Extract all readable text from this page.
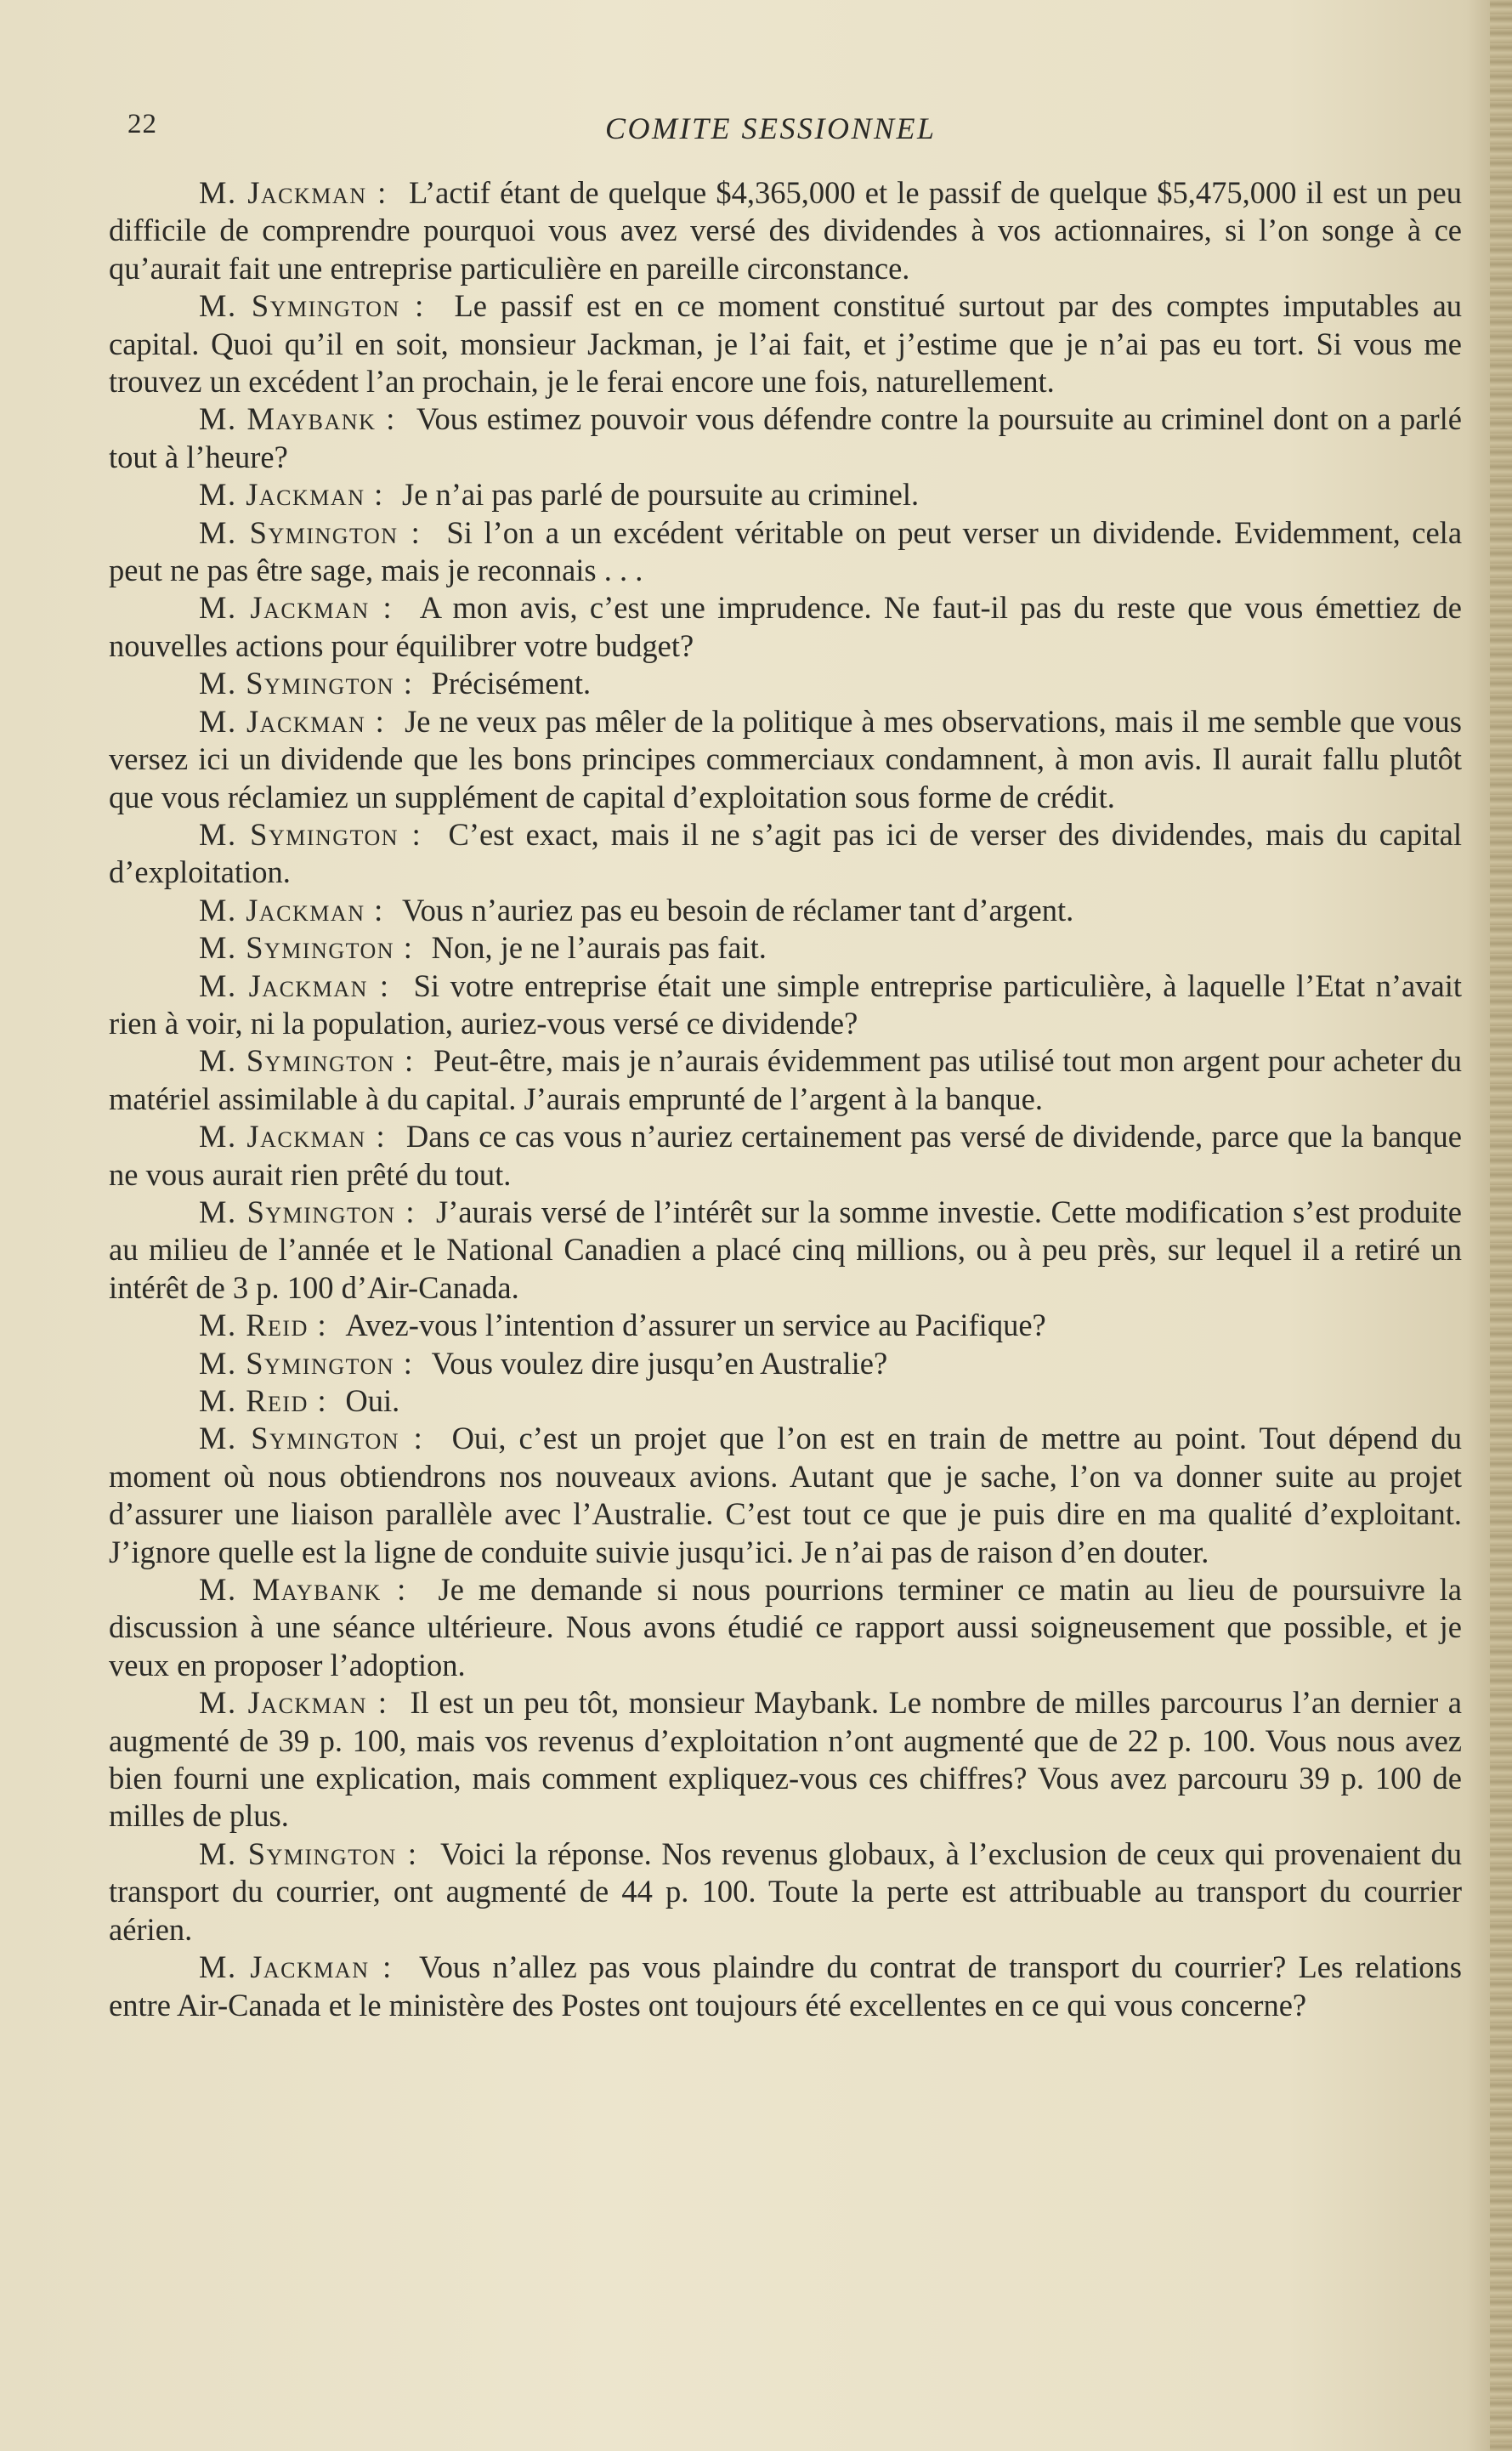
22	COMITE SESSIONNEL

M. Jackman : L’actif étant de quelque $4,365,000 et le passif de quelque $5,475,000 il est un peu difficile de comprendre pourquoi vous avez versé des dividendes à vos actionnaires, si l’on songe à ce qu’aurait fait une entreprise particulière en pareille circonstance.

M. Symington : Le passif est en ce moment constitué surtout par des comptes imputables au capital. Quoi qu’il en soit, monsieur Jackman, je l’ai fait, et j’estime que je n’ai pas eu tort. Si vous me trouvez un excédent l’an prochain, je le ferai encore une fois, naturellement.

M. Maybank : Vous estimez pouvoir vous défendre contre la poursuite au criminel dont on a parlé tout à l’heure?

M. Jackman : Je n’ai pas parlé de poursuite au criminel.

M. Symington : Si l’on a un excédent véritable on peut verser un dividende. Evidemment, cela peut ne pas être sage, mais je reconnais . . .

M. Jackman : A mon avis, c’est une imprudence. Ne faut-il pas du reste que vous émettiez de nouvelles actions pour équilibrer votre budget?

M. Symington : Précisément.

M. Jackman : Je ne veux pas mêler de la politique à mes observations, mais il me semble que vous versez ici un dividende que les bons principes commerciaux condamnent, à mon avis. Il aurait fallu plutôt que vous réclamiez un supplément de capital d’exploitation sous forme de crédit.

M. Symington : C’est exact, mais il ne s’agit pas ici de verser des dividendes, mais du capital d’exploitation.

M. Jackman : Vous n’auriez pas eu besoin de réclamer tant d’argent.

M. Symington : Non, je ne l’aurais pas fait.

M. Jackman : Si votre entreprise était une simple entreprise particulière, à laquelle l’Etat n’avait rien à voir, ni la population, auriez-vous versé ce dividende?

M. Symington : Peut-être, mais je n’aurais évidemment pas utilisé tout mon argent pour acheter du matériel assimilable à du capital. J’aurais emprunté de l’argent à la banque.

M. Jackman : Dans ce cas vous n’auriez certainement pas versé de dividende, parce que la banque ne vous aurait rien prêté du tout.

M. Symington : J’aurais versé de l’intérêt sur la somme investie. Cette modification s’est produite au milieu de l’année et le National Canadien a placé cinq millions, ou à peu près, sur lequel il a retiré un intérêt de 3 p. 100 d’Air-Canada.

M. Reid : Avez-vous l’intention d’assurer un service au Pacifique?

M. Symington : Vous voulez dire jusqu’en Australie?

M. Reid : Oui.

M. Symington : Oui, c’est un projet que l’on est en train de mettre au point. Tout dépend du moment où nous obtiendrons nos nouveaux avions. Autant que je sache, l’on va donner suite au projet d’assurer une liaison parallèle avec l’Australie. C’est tout ce que je puis dire en ma qualité d’exploitant. J’ignore quelle est la ligne de conduite suivie jusqu’ici. Je n’ai pas de raison d’en douter.

M. Maybank : Je me demande si nous pourrions terminer ce matin au lieu de poursuivre la discussion à une séance ultérieure. Nous avons étudié ce rapport aussi soigneusement que possible, et je veux en proposer l’adoption.

M. Jackman : Il est un peu tôt, monsieur Maybank. Le nombre de milles parcourus l’an dernier a augmenté de 39 p. 100, mais vos revenus d’exploitation n’ont augmenté que de 22 p. 100. Vous nous avez bien fourni une explication, mais comment expliquez-vous ces chiffres? Vous avez parcouru 39 p. 100 de milles de plus.

M. Symington : Voici la réponse. Nos revenus globaux, à l’exclusion de ceux qui provenaient du transport du courrier, ont augmenté de 44 p. 100. Toute la perte est attribuable au transport du courrier aérien.

M. Jackman : Vous n’allez pas vous plaindre du contrat de transport du courrier? Les relations entre Air-Canada et le ministère des Postes ont toujours été excellentes en ce qui vous concerne?
